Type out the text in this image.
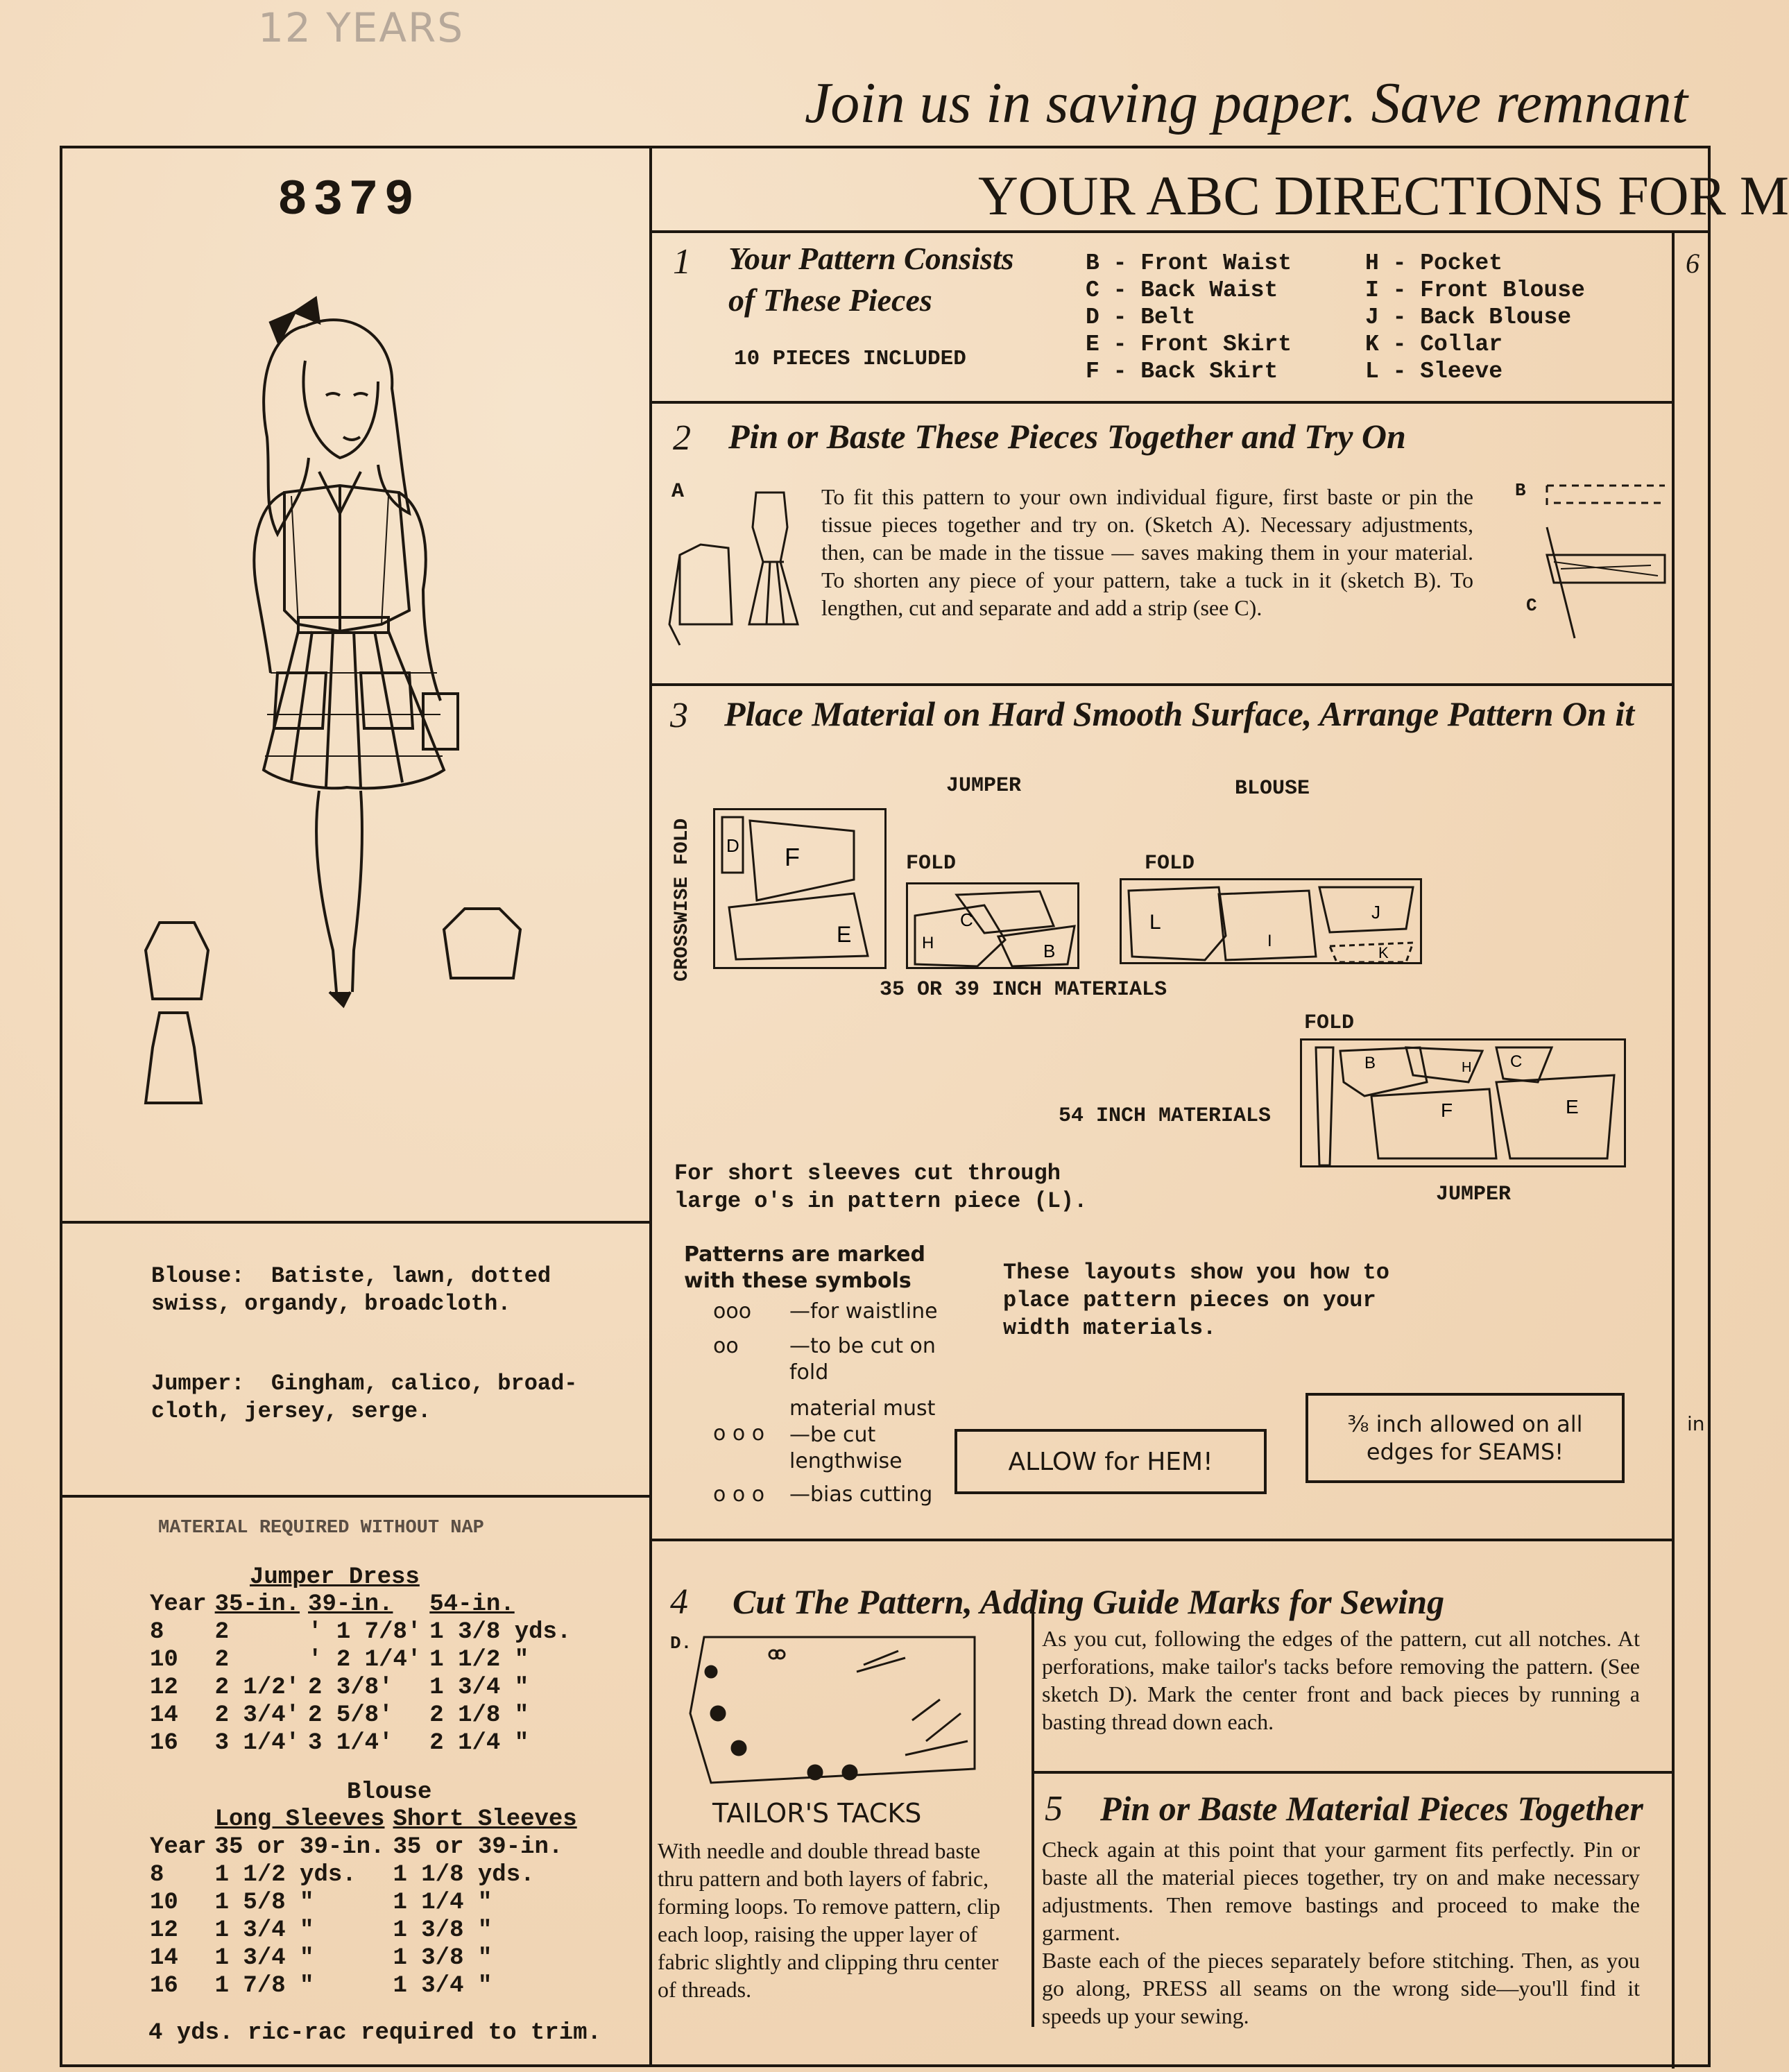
12 YEARS
Join us in saving paper. Save remnant
8379
Blouse:  Batiste, lawn, dotted
swiss, organdy, broadcloth.
Jumper:  Gingham, calico, broad-
cloth, jersey, serge.
MATERIAL REQUIRED WITHOUT NAP
Jumper Dress
Year	35-in.	39-in.	54-in.
8	2	' 1 7/8'	1 3/8 yds.
10	2	' 2 1/4'	1 1/2 "
12	2 1/2'	2 3/8'	1 3/4 "
14	2 3/4'	2 5/8'	2 1/8 "
16	3 1/4'	3 1/4'	2 1/4 "
Blouse
	Long Sleeves	Short Sleeves
Year	35 or 39-in.	35 or 39-in.
8	1 1/2 yds.	1 1/8 yds.
10	1 5/8 "	1 1/4 "
12	1 3/4 "	1 3/8 "
14	1 3/4 "	1 3/8 "
16	1 7/8 "	1 3/4 "
4 yds. ric-rac required to trim.
YOUR ABC DIRECTIONS FOR M
1 Your Pattern Consists
of These Pieces
10 PIECES INCLUDED
B - Front Waist
C - Back Waist
D - Belt
E - Front Skirt
F - Back Skirt
H - Pocket
I - Front Blouse
J - Back Blouse
K - Collar
L - Sleeve
2 Pin or Baste These Pieces Together and Try On
A	To fit this pattern to your own individual figure, first baste or pin the tissue pieces together and try on. (Sketch A). Necessary adjustments, then, can be made in the tissue — saves making them in your material. To shorten any piece of your pattern, take a tuck in it (sketch B). To lengthen, cut and separate and add a strip (see C).
B
C
3 Place Material on Hard Smooth Surface, Arrange Pattern On it
JUMPER	BLOUSE
CROSSWISE FOLD	F
E
D
FOLD
C
B
H
FOLD
L
I
J
K
35 OR 39 INCH MATERIALS
FOLD
B	C
F	E
H
54 INCH MATERIALS
JUMPER
For short sleeves cut through
large o's in pattern piece (L).
Patterns are marked
with these symbols
ooo	—for waistline
oo	—to be cut on
fold
o o o
material must
—be cut
lengthwise
o o o	—bias cutting
These layouts show you how to
place pattern pieces on your
width materials.
ALLOW for HEM!
⅜ inch allowed on all
edges for SEAMS!
4 Cut The Pattern, Adding Guide Marks for Sewing
D.
TAILOR'S TACKS
With needle and double thread baste thru pattern and both layers of fabric, forming loops. To remove pattern, clip each loop, raising the upper layer of fabric slightly and clipping thru center of threads.
As you cut, following the edges of the pattern, cut all notches. At perforations, make tailor's tacks before removing the pattern. (See sketch D). Mark the center front and back pieces by running a basting thread down each.
5 Pin or Baste Material Pieces Together
Check again at this point that your garment fits perfectly. Pin or baste all the material pieces together, try on and make necessary adjustments. Then remove bastings and proceed to make the garment.
Baste each of the pieces separately before stitching. Then, as you go along, PRESS all seams on the wrong side—you'll find it speeds up your sewing.
6
in
